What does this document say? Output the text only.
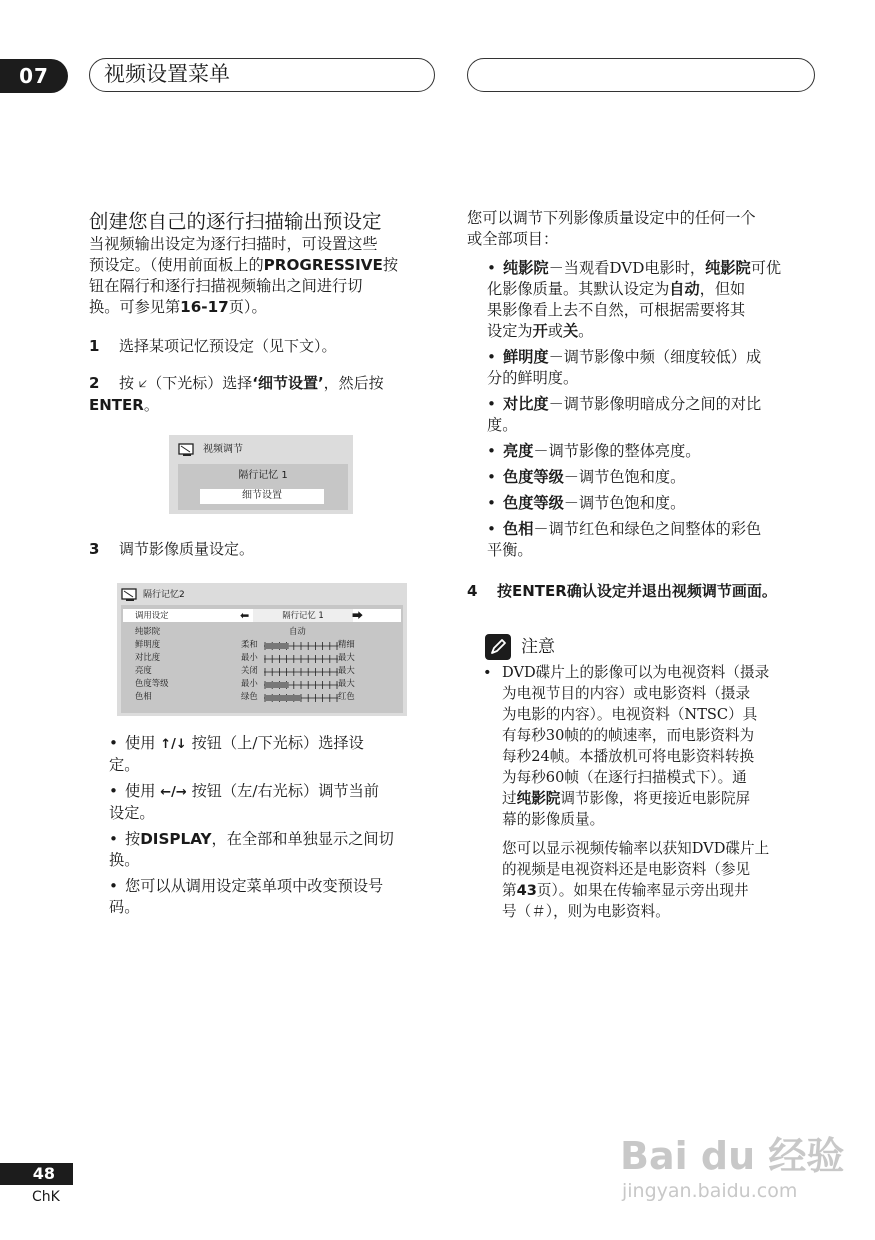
07	视频设置菜单
创建您自己的逐行扫描输出预设定
当视频输出设定为逐行扫描时，可设置这些
预设定。（使用前面板上的PROGRESSIVE按
钮在隔行和逐行扫描视频输出之间进行切
换。可参见第16-17页）。
1 选择某项记忆预设定（见下文）。
2 按 🡧（下光标）选择‘细节设置’，然后按
ENTER。
视频调节
隔行记忆 1
细节设置
3 调节影像质量设定。
隔行记忆2
调用设定	⬅	隔行记忆 1	⮕
纯影院	自动
鲜明度	柔和	精细
对比度	最小	最大
亮度	关闭	最大
色度等级	最小	最大
色相	绿色	红色
• 使用 ↑/↓ 按钮（上/下光标）选择设
定。
• 使用 ←/→ 按钮（左/右光标）调节当前
设定。
• 按DISPLAY，在全部和单独显示之间切
换。
• 您可以从调用设定菜单项中改变预设号
码。
您可以调节下列影像质量设定中的任何一个
或全部项目：
• 纯影院－当观看DVD电影时，纯影院可优
化影像质量。其默认设定为自动，但如
果影像看上去不自然，可根据需要将其
设定为开或关。
• 鲜明度－调节影像中频（细度较低）成
分的鲜明度。
• 对比度－调节影像明暗成分之间的对比
度。
• 亮度－调节影像的整体亮度。
• 色度等级－调节色饱和度。
• 色度等级－调节色饱和度。
• 色相－调节红色和绿色之间整体的彩色
平衡。
4 按ENTER确认设定并退出视频调节画面。
注意
• DVD碟片上的影像可以为电视资料（摄录
为电视节目的内容）或电影资料（摄录
为电影的内容）。电视资料（NTSC）具
有每秒30帧的的帧速率，而电影资料为
每秒24帧。本播放机可将电影资料转换
为每秒60帧（在逐行扫描模式下）。通
过纯影院调节影像，将更接近电影院屏
幕的影像质量。
您可以显示视频传输率以获知DVD碟片上
的视频是电视资料还是电影资料（参见
第43页）。如果在传输率显示旁出现井
号（＃），则为电影资料。
48
ChK
Bai du 经验
jingyan.baidu.com
